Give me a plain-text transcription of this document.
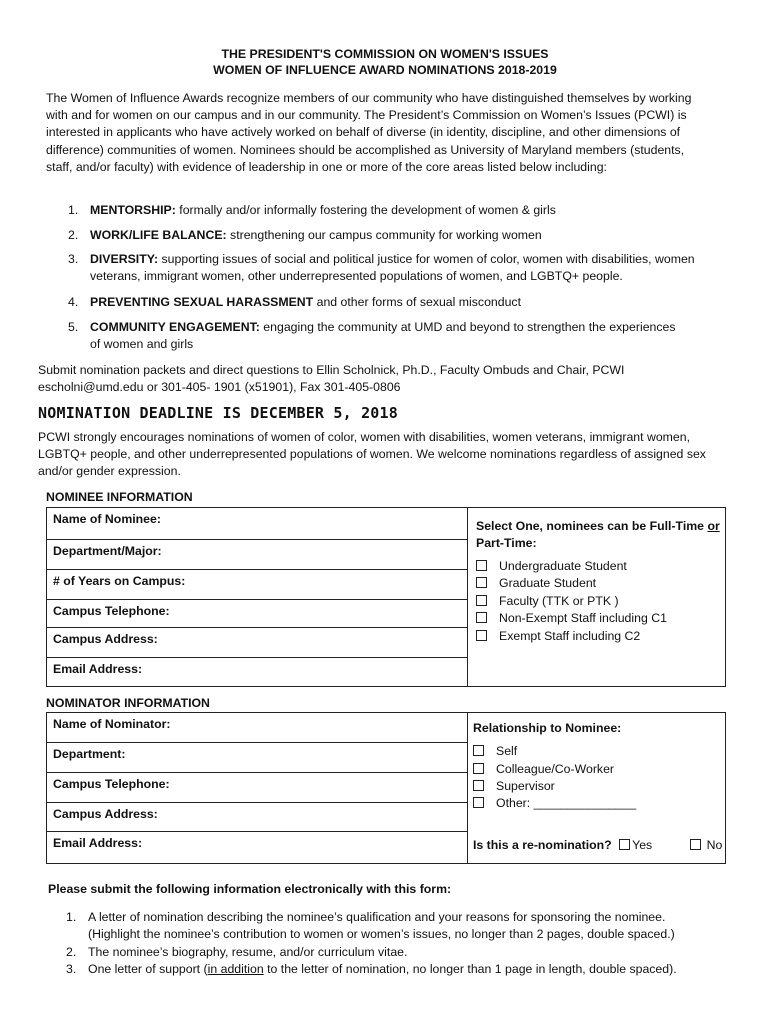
THE PRESIDENT'S COMMISSION ON WOMEN'S ISSUES
WOMEN OF INFLUENCE AWARD NOMINATIONS 2018-2019
The Women of Influence Awards recognize members of our community who have distinguished themselves by working
with and for women on our campus and in our community. The President’s Commission on Women’s Issues (PCWI) is
interested in applicants who have actively worked on behalf of diverse (in identity, discipline, and other dimensions of
difference) communities of women. Nominees should be accomplished as University of Maryland members (students,
staff, and/or faculty) with evidence of leadership in one or more of the core areas listed below including:
1. MENTORSHIP: formally and/or informally fostering the development of women & girls
2. WORK/LIFE BALANCE: strengthening our campus community for working women
3. DIVERSITY: supporting issues of social and political justice for women of color, women with disabilities, women
veterans, immigrant women, other underrepresented populations of women, and LGBTQ+ people.
4. PREVENTING SEXUAL HARASSMENT and other forms of sexual misconduct
5. COMMUNITY ENGAGEMENT: engaging the community at UMD and beyond to strengthen the experiences
of women and girls
Submit nomination packets and direct questions to Ellin Scholnick, Ph.D., Faculty Ombuds and Chair, PCWI
escholni@umd.edu or 301-405- 1901 (x51901), Fax 301-405-0806
NOMINATION DEADLINE IS DECEMBER 5, 2018
PCWI strongly encourages nominations of women of color, women with disabilities, women veterans, immigrant women,
LGBTQ+ people, and other underrepresented populations of women. We welcome nominations regardless of assigned sex
and/or gender expression.
NOMINEE INFORMATION
Name of Nominee:
Department/Major:
# of Years on Campus:
Campus Telephone:
Campus Address:
Email Address:
Select One, nominees can be Full-Time or
Part-Time:
Undergraduate Student
Graduate Student
Faculty (TTK or PTK )
Non-Exempt Staff including C1
Exempt Staff including C2
NOMINATOR INFORMATION
Name of Nominator:
Department:
Campus Telephone:
Campus Address:
Email Address:
Relationship to Nominee:
Self
Colleague/Co-Worker
Supervisor
Other: _______________
Is this a re-nomination? Yes	No
Please submit the following information electronically with this form:
1. A letter of nomination describing the nominee’s qualification and your reasons for sponsoring the nominee.
(Highlight the nominee’s contribution to women or women’s issues, no longer than 2 pages, double spaced.)
2. The nominee’s biography, resume, and/or curriculum vitae.
3. One letter of support (in addition to the letter of nomination, no longer than 1 page in length, double spaced).
